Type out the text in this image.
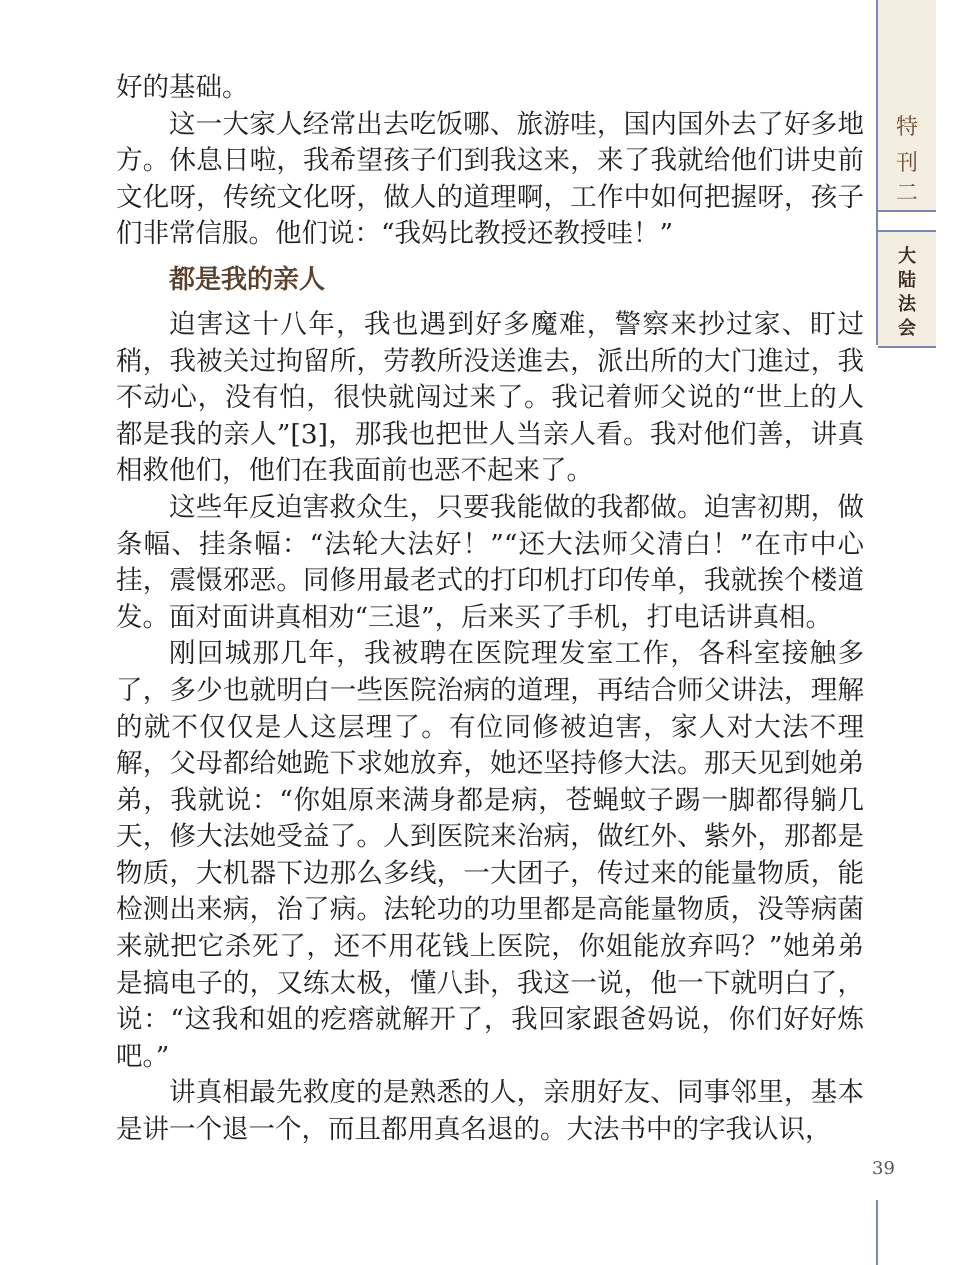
好的基础。

这一大家人经常出去吃饭哪、旅游哇，国内国外去了好多地方。休息日啦，我希望孩子们到我这来，来了我就给他们讲史前文化呀，传统文化呀，做人的道理啊，工作中如何把握呀，孩子们非常信服。他们说：“我妈比教授还教授哇！”

都是我的亲人

迫害这十八年，我也遇到好多魔难，警察来抄过家、盯过稍，我被关过拘留所，劳教所没送進去，派出所的大门進过，我不动心，没有怕，很快就闯过来了。我记着师父说的“世上的人都是我的亲人”[3]，那我也把世人当亲人看。我对他们善，讲真相救他们，他们在我面前也恶不起来了。

这些年反迫害救众生，只要我能做的我都做。迫害初期，做条幅、挂条幅：“法轮大法好！”“还大法师父清白！”在市中心挂，震慑邪恶。同修用最老式的打印机打印传单，我就挨个楼道发。面对面讲真相劝“三退”，后来买了手机，打电话讲真相。

刚回城那几年，我被聘在医院理发室工作，各科室接触多了，多少也就明白一些医院治病的道理，再结合师父讲法，理解的就不仅仅是人这层理了。有位同修被迫害，家人对大法不理解，父母都给她跪下求她放弃，她还坚持修大法。那天见到她弟弟，我就说：“你姐原来满身都是病，苍蝇蚊子踢一脚都得躺几天，修大法她受益了。人到医院来治病，做红外、紫外，那都是物质，大机器下边那么多线，一大团子，传过来的能量物质，能检测出来病，治了病。法轮功的功里都是高能量物质，没等病菌来就把它杀死了，还不用花钱上医院，你姐能放弃吗？”她弟弟是搞电子的，又练太极，懂八卦，我这一说，他一下就明白了，说：“这我和姐的疙瘩就解开了，我回家跟爸妈说，你们好好炼吧。”

讲真相最先救度的是熟悉的人，亲朋好友、同事邻里，基本是讲一个退一个，而且都用真名退的。大法书中的字我认识，

特
刊
二
大
陆
法
会
39
